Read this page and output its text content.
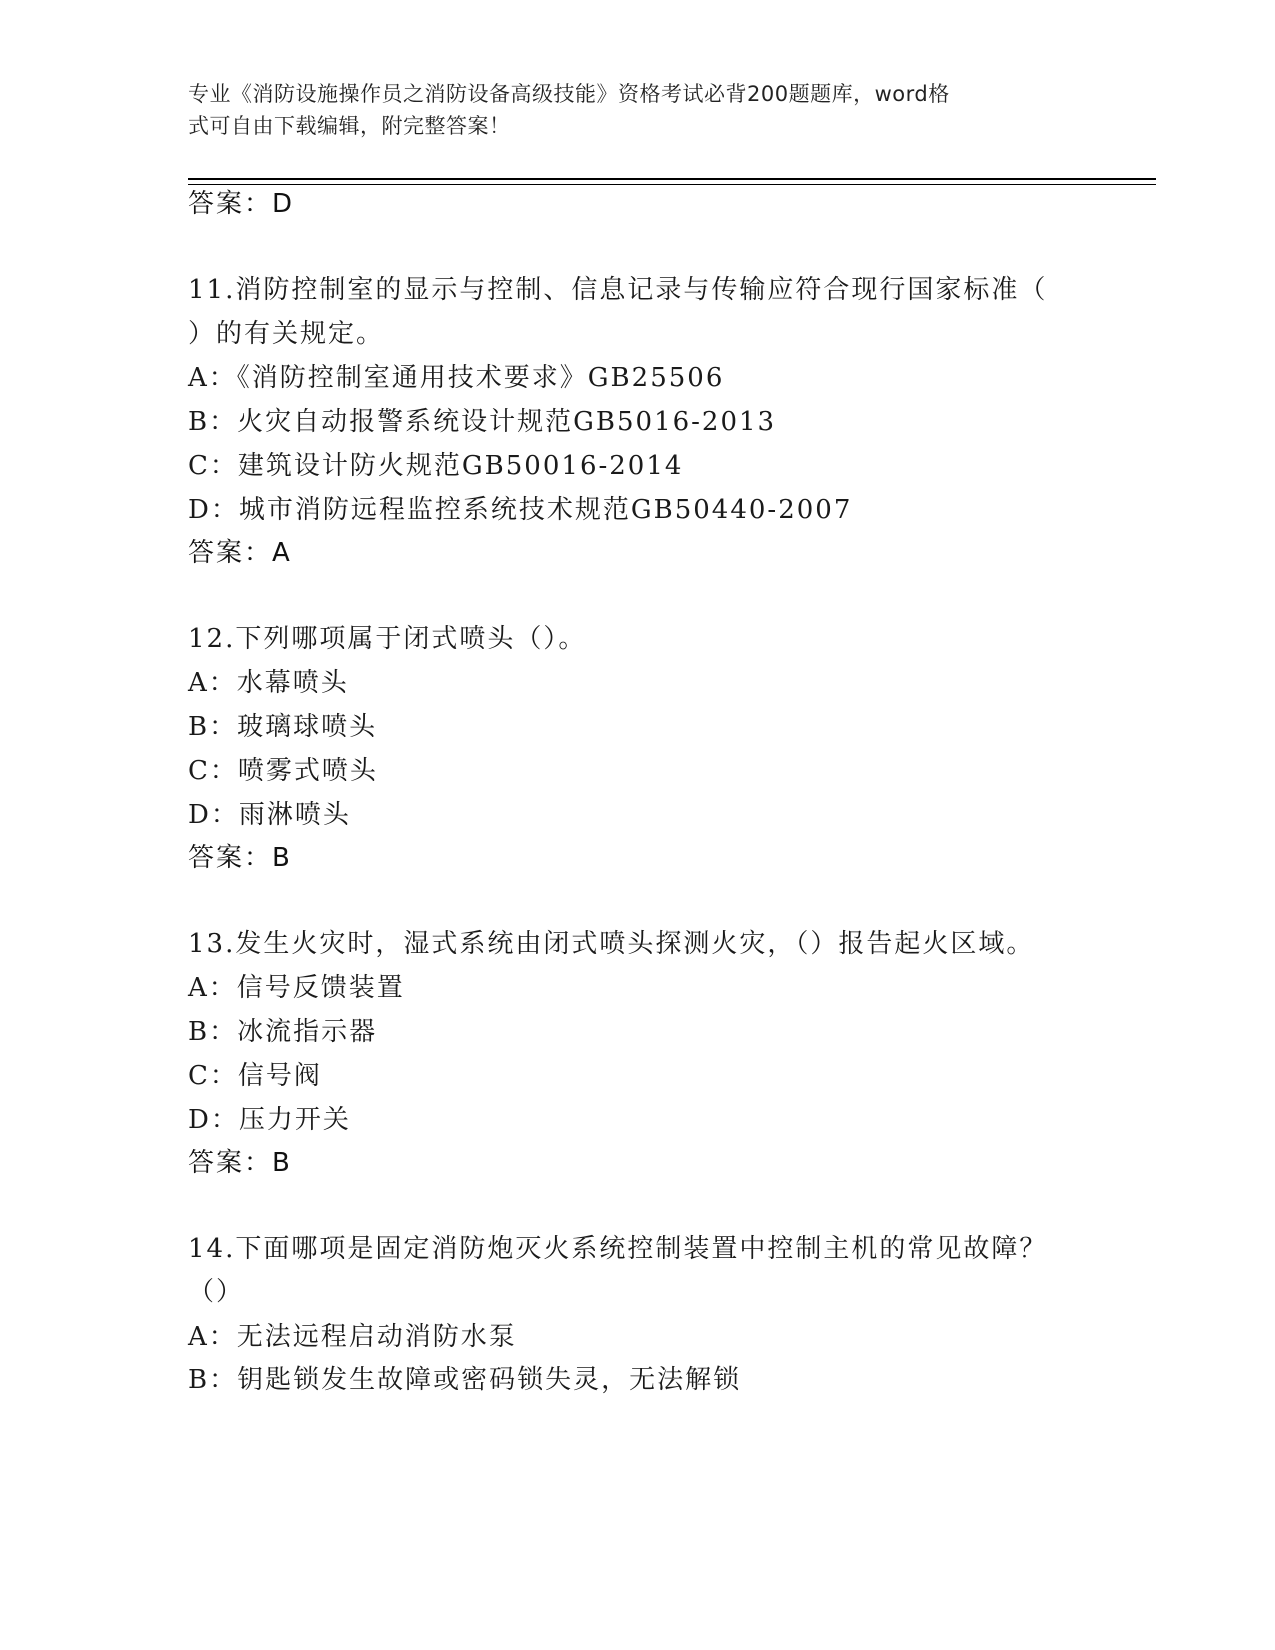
专业《消防设施操作员之消防设备高级技能》资格考试必背200题题库，word格
式可自由下载编辑，附完整答案！
答案：D
11.消防控制室的显示与控制、信息记录与传输应符合现行国家标准（
）的有关规定。
A：《消防控制室通用技术要求》GB25506
B：火灾自动报警系统设计规范GB5016-2013
C：建筑设计防火规范GB50016-2014
D：城市消防远程监控系统技术规范GB50440-2007
答案：A
12.下列哪项属于闭式喷头（）。
A：水幕喷头
B：玻璃球喷头
C：喷雾式喷头
D：雨淋喷头
答案：B
13.发生火灾时，湿式系统由闭式喷头探测火灾，（）报告起火区域。
A：信号反馈装置
B：冰流指示器
C：信号阀
D：压力开关
答案：B
14.下面哪项是固定消防炮灭火系统控制装置中控制主机的常见故障？
（）
A：无法远程启动消防水泵
B：钥匙锁发生故障或密码锁失灵，无法解锁
